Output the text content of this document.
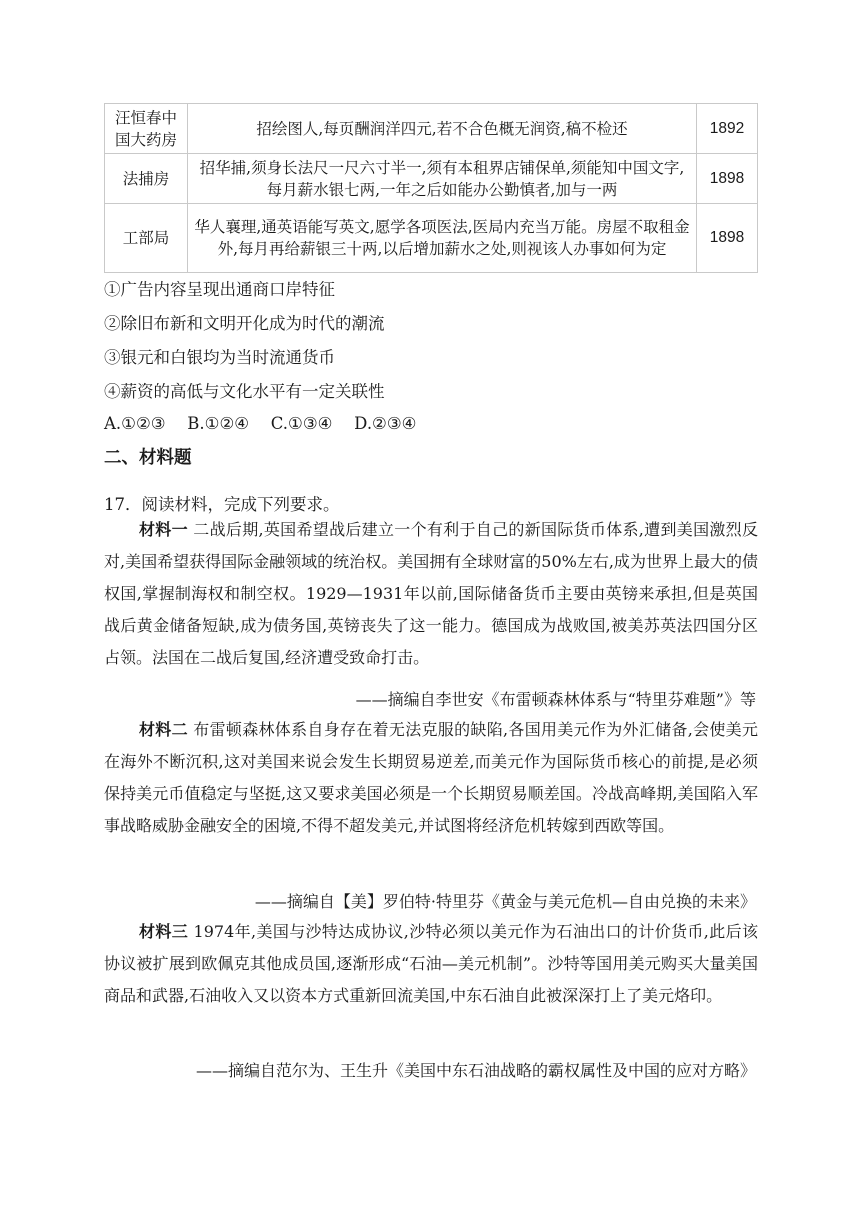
汪恒春中国大药房	招绘图人,每页酬润洋四元,若不合色概无润资,稿不检还	1892
法捕房	招华捕,须身长法尺一尺六寸半一,须有本租界店铺保单,须能知中国文字,每月薪水银七两,一年之后如能办公勤慎者,加与一两	1898
工部局	华人襄理,通英语能写英文,愿学各项医法,医局内充当万能。房屋不取租金外,每月再给薪银三十两,以后增加薪水之处,则视该人办事如何为定	1898
①广告内容呈现出通商口岸特征
②除旧布新和文明开化成为时代的潮流
③银元和白银均为当时流通货币
④薪资的高低与文化水平有一定关联性
A.①②③　 B.①②④　 C.①③④　 D.②③④
二、材料题
17．阅读材料，完成下列要求。

材料一 二战后期,英国希望战后建立一个有利于自己的新国际货币体系,遭到美国激烈反对,美国希望获得国际金融领域的统治权。美国拥有全球财富的50%左右,成为世界上最大的债权国,掌握制海权和制空权。1929—1931年以前,国际储备货币主要由英镑来承担,但是英国战后黄金储备短缺,成为债务国,英镑丧失了这一能力。德国成为战败国,被美苏英法四国分区占领。法国在二战后复国,经济遭受致命打击。

——摘编自李世安《布雷顿森林体系与“特里芬难题”》等

材料二 布雷顿森林体系自身存在着无法克服的缺陷,各国用美元作为外汇储备,会使美元在海外不断沉积,这对美国来说会发生长期贸易逆差,而美元作为国际货币核心的前提,是必须保持美元币值稳定与坚挺,这又要求美国必须是一个长期贸易顺差国。冷战高峰期,美国陷入军事战略威胁金融安全的困境,不得不超发美元,并试图将经济危机转嫁到西欧等国。

——摘编自【美】罗伯特·特里芬《黄金与美元危机—自由兑换的未来》

材料三 1974年,美国与沙特达成协议,沙特必须以美元作为石油出口的计价货币,此后该协议被扩展到欧佩克其他成员国,逐渐形成“石油—美元机制”。沙特等国用美元购买大量美国商品和武器,石油收入又以资本方式重新回流美国,中东石油自此被深深打上了美元烙印。

——摘编自范尔为、王生升《美国中东石油战略的霸权属性及中国的应对方略》
